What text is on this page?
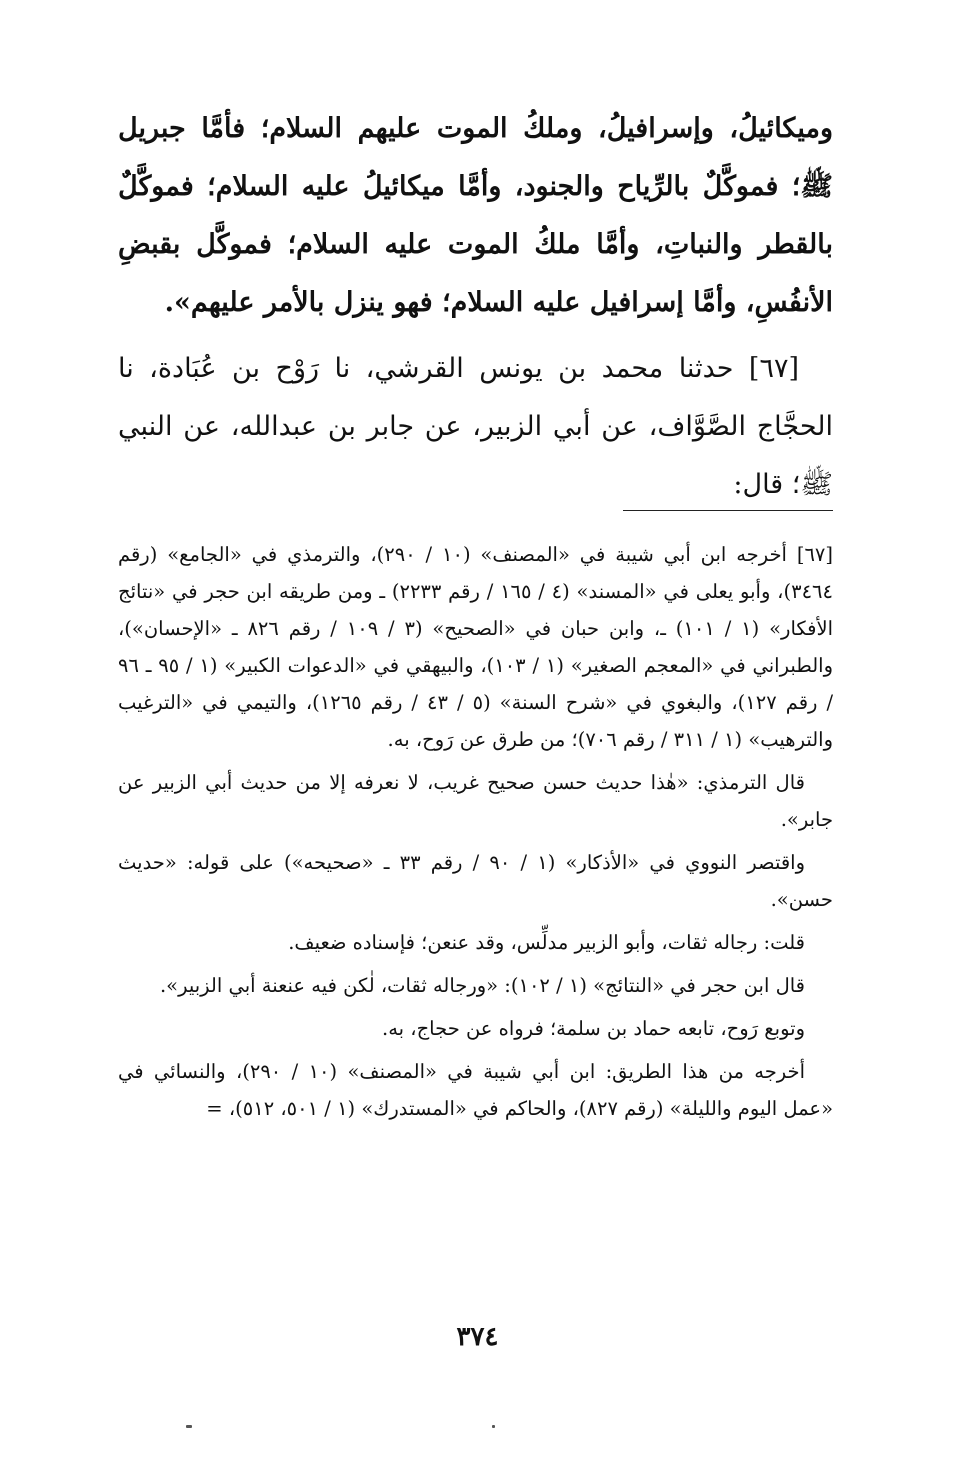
وميكائيلُ، وإسرافيلُ، وملكُ الموت عليهم السلام؛ فأمَّا جبريل ﷺ؛ فموكَّلٌ بالرِّياح والجنود، وأمَّا ميكائيلُ عليه السلام؛ فموكَّلٌ بالقطر والنباتِ، وأمَّا ملكُ الموت عليه السلام؛ فموكَّل بقبضِ الأنفُسِ، وأمَّا إسرافيل عليه السلام؛ فهو ينزل بالأمر عليهم».

[٦٧] حدثنا محمد بن يونس القرشي، نا رَوْح بن عُبَادة، نا الحجَّاج الصَّوَّاف، عن أبي الزبير، عن جابر بن عبدالله، عن النبي ﷺ؛ قال:

[٦٧] أخرجه ابن أبي شيبة في «المصنف» (١٠ / ٢٩٠)، والترمذي في «الجامع» (رقم ٣٤٦٤)، وأبو يعلى في «المسند» (٤ / ١٦٥ / رقم ٢٢٣٣) ـ ومن طريقه ابن حجر في «نتائج الأفكار» (١ / ١٠١) ـ، وابن حبان في «الصحيح» (٣ / ١٠٩ / رقم ٨٢٦ ـ «الإحسان»)، والطبراني في «المعجم الصغير» (١ / ١٠٣)، والبيهقي في «الدعوات الكبير» (١ / ٩٥ ـ ٩٦ / رقم ١٢٧)، والبغوي في «شرح السنة» (٥ / ٤٣ / رقم ١٢٦٥)، والتيمي في «الترغيب والترهيب» (١ / ٣١١ / رقم ٧٠٦)؛ من طرق عن رَوح، به.

قال الترمذي: «هٰذا حديث حسن صحيح غريب، لا نعرفه إلا من حديث أبي الزبير عن جابر».

واقتصر النووي في «الأذكار» (١ / ٩٠ / رقم ٣٣ ـ «صحيحه») على قوله: «حديث حسن».

قلت: رجاله ثقات، وأبو الزبير مدلِّس، وقد عنعن؛ فإسناده ضعيف.

قال ابن حجر في «النتائج» (١ / ١٠٢): «ورجاله ثقات، لٰكن فيه عنعنة أبي الزبير».

وتوبع رَوح، تابعه حماد بن سلمة؛ فرواه عن حجاج، به.

أخرجه من هذا الطريق: ابن أبي شيبة في «المصنف» (١٠ / ٢٩٠)، والنسائي في «عمل اليوم والليلة» (رقم ٨٢٧)، والحاكم في «المستدرك» (١ / ٥٠١، ٥١٢)، =

٣٧٤
